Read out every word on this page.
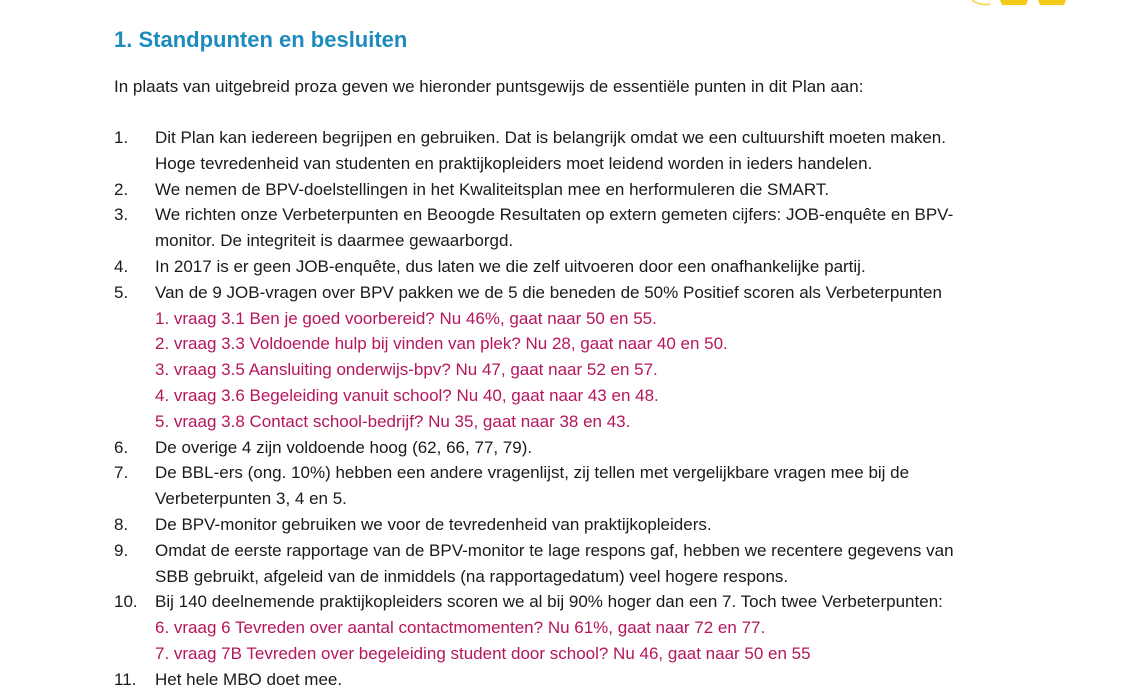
1. Standpunten en besluiten

In plaats van uitgebreid proza geven we hieronder puntsgewijs de essentiële punten in dit Plan aan:

1. Dit Plan kan iedereen begrijpen en gebruiken. Dat is belangrijk omdat we een cultuurshift moeten maken.
Hoge tevredenheid van studenten en praktijkopleiders moet leidend worden in ieders handelen.
2. We nemen de BPV-doelstellingen in het Kwaliteitsplan mee en herformuleren die SMART.
3. We richten onze Verbeterpunten en Beoogde Resultaten op extern gemeten cijfers: JOB-enquête en BPV-
monitor. De integriteit is daarmee gewaarborgd.
4. In 2017 is er geen JOB-enquête, dus laten we die zelf uitvoeren door een onafhankelijke partij.
5. Van de 9 JOB-vragen over BPV pakken we de 5 die beneden de 50% Positief scoren als Verbeterpunten
1. vraag 3.1 Ben je goed voorbereid? Nu 46%, gaat naar 50 en 55.
2. vraag 3.3 Voldoende hulp bij vinden van plek? Nu 28, gaat naar 40 en 50.
3. vraag 3.5 Aansluiting onderwijs-bpv? Nu 47, gaat naar 52 en 57.
4. vraag 3.6 Begeleiding vanuit school? Nu 40, gaat naar 43 en 48.
5. vraag 3.8 Contact school-bedrijf? Nu 35, gaat naar 38 en 43.
6. De overige 4 zijn voldoende hoog (62, 66, 77, 79).
7. De BBL-ers (ong. 10%) hebben een andere vragenlijst, zij tellen met vergelijkbare vragen mee bij de
Verbeterpunten 3, 4 en 5.
8. De BPV-monitor gebruiken we voor de tevredenheid van praktijkopleiders.
9. Omdat de eerste rapportage van de BPV-monitor te lage respons gaf, hebben we recentere gegevens van
SBB gebruikt, afgeleid van de inmiddels (na rapportagedatum) veel hogere respons.
10. Bij 140 deelnemende praktijkopleiders scoren we al bij 90% hoger dan een 7. Toch twee Verbeterpunten:
6. vraag 6 Tevreden over aantal contactmomenten? Nu 61%, gaat naar 72 en 77.
7. vraag 7B Tevreden over begeleiding student door school? Nu 46, gaat naar 50 en 55
11. Het hele MBO doet mee.
